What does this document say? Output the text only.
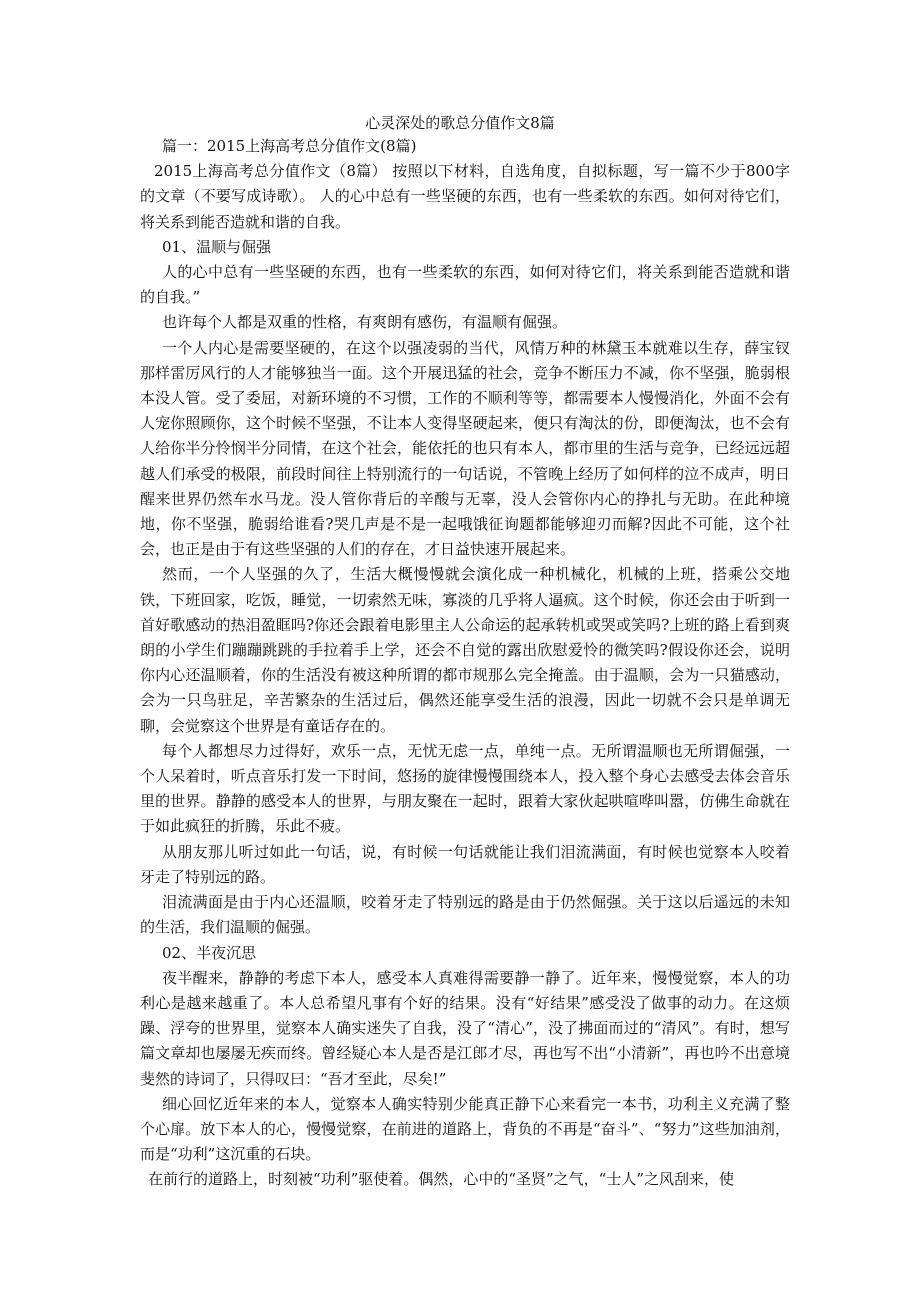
心灵深处的歌总分值作文8篇

篇一：2015上海高考总分值作文(8篇)

2015上海高考总分值作文（8篇） 按照以下材料，自选角度，自拟标题，写一篇不少于800字的文章（不要写成诗歌）。 人的心中总有一些坚硬的东西，也有一些柔软的东西。如何对待它们，将关系到能否造就和谐的自我。

01、温顺与倔强

人的心中总有一些坚硬的东西，也有一些柔软的东西，如何对待它们，将关系到能否造就和谐的自我。”

也许每个人都是双重的性格，有爽朗有感伤，有温顺有倔强。

一个人内心是需要坚硬的，在这个以强凌弱的当代，风情万种的林黛玉本就难以生存，薛宝钗那样雷厉风行的人才能够独当一面。这个开展迅猛的社会，竞争不断压力不减，你不坚强，脆弱根本没人管。受了委屈，对新环境的不习惯，工作的不顺利等等，都需要本人慢慢消化，外面不会有人宠你照顾你，这个时候不坚强，不让本人变得坚硬起来，便只有淘汰的份，即便淘汰，也不会有人给你半分怜悯半分同情，在这个社会，能依托的也只有本人，都市里的生活与竞争，已经远远超越人们承受的极限，前段时间往上特别流行的一句话说，不管晚上经历了如何样的泣不成声，明日醒来世界仍然车水马龙。没人管你背后的辛酸与无辜，没人会管你内心的挣扎与无助。在此种境地，你不坚强，脆弱给谁看?哭几声是不是一起哦饿征询题都能够迎刃而解?因此不可能，这个社会，也正是由于有这些坚强的人们的存在，才日益快速开展起来。

然而，一个人坚强的久了，生活大概慢慢就会演化成一种机械化，机械的上班，搭乘公交地铁，下班回家，吃饭，睡觉，一切索然无味，寡淡的几乎将人逼疯。这个时候，你还会由于听到一首好歌感动的热泪盈眶吗?你还会跟着电影里主人公命运的起承转机或哭或笑吗?上班的路上看到爽朗的小学生们蹦蹦跳跳的手拉着手上学，还会不自觉的露出欣慰爱怜的微笑吗?假设你还会，说明你内心还温顺着，你的生活没有被这种所谓的都市规那么完全掩盖。由于温顺，会为一只猫感动，会为一只鸟驻足，辛苦繁杂的生活过后，偶然还能享受生活的浪漫，因此一切就不会只是单调无聊，会觉察这个世界是有童话存在的。

每个人都想尽力过得好，欢乐一点，无忧无虑一点，单纯一点。无所谓温顺也无所谓倔强，一个人呆着时，听点音乐打发一下时间，悠扬的旋律慢慢围绕本人，投入整个身心去感受去体会音乐里的世界。静静的感受本人的世界，与朋友聚在一起时，跟着大家伙起哄喧哗叫嚣，仿佛生命就在于如此疯狂的折腾，乐此不疲。

从朋友那儿听过如此一句话，说，有时候一句话就能让我们泪流满面，有时候也觉察本人咬着牙走了特别远的路。

泪流满面是由于内心还温顺，咬着牙走了特别远的路是由于仍然倔强。关于这以后遥远的未知的生活，我们温顺的倔强。

02、半夜沉思

夜半醒来，静静的考虑下本人，感受本人真难得需要静一静了。近年来，慢慢觉察，本人的功利心是越来越重了。本人总希望凡事有个好的结果。没有“好结果”感受没了做事的动力。在这烦躁、浮夸的世界里，觉察本人确实迷失了自我，没了“清心”，没了拂面而过的“清风”。有时，想写篇文章却也屡屡无疾而终。曾经疑心本人是否是江郎才尽，再也写不出“小清新”，再也吟不出意境斐然的诗词了，只得叹曰：“吾才至此，尽矣!”

细心回忆近年来的本人，觉察本人确实特别少能真正静下心来看完一本书，功利主义充满了整个心扉。放下本人的心，慢慢觉察，在前进的道路上，背负的不再是“奋斗”、“努力”这些加油剂，而是“功利”这沉重的石块。

在前行的道路上，时刻被“功利”驱使着。偶然，心中的“圣贤”之气，“士人”之风刮来，使
